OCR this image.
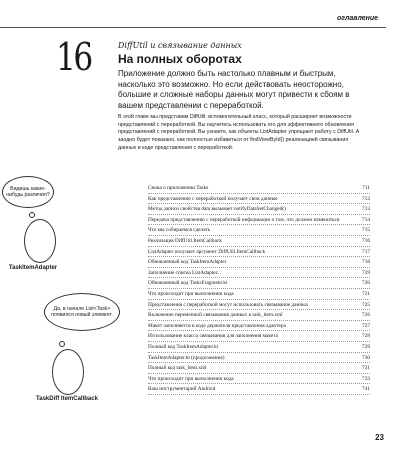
оглавление
16	DiffUtil и связывание данных
На полных оборотах

Приложение должно быть настолько плавным и быстрым, насколько это возможно. Но если действовать неосторожно, большие и сложные наборы данных могут привести к сбоям в вашем представлении с переработкой.

В этой главе мы представим DiffUtil: вспомогательный класс, который расширяет возможности представлений с переработкой. Вы научитесь использовать его для эффективного обновления представлений с переработкой. Вы узнаете, как объекты ListAdapter упрощают работу с DiffUtil. А заодно будет показано, как полностью избавиться от findViewById() реализацией связывания данных в коде представления с переработкой.

Видишь какие-нибудь различия?
TaskItemAdapter
Да, в начале List<Task> появился новый элемент.
TaskDiff ItemCallback
Снова о приложении Tasks	711
Как представление с переработкой получает свои данные	712
Метод записи свойства data вызывает notifyDataSetChanged()	713
Передача представлению с переработкой информации о том, что должно измениться	714
Что мы собираемся сделать	715
Реализация DiffUtil.ItemCallback	716
ListAdapter получает аргумент DiffUtil.ItemCallback	717
Обновленный код TaskItemAdapter	718
Заполнение списка ListAdapter...	719
Обновленный код TasksFragment.kt	720
Что происходит при выполнении кода	721
Представления с переработкой могут использовать связывание данных	725
Включение переменной связывания данных в task_item.xml	726
Макет заполняется в коде держателя представления адаптера	727
Использование класса связывания для заполнения макета	728
Полный код TaskItemAdapter.kt	729
TaskItemAdapter.kt (продолжение)	730
Полный код task_item.xml	731
Что происходит при выполнении кода	733
Ваш инструментарий Android	741
23
